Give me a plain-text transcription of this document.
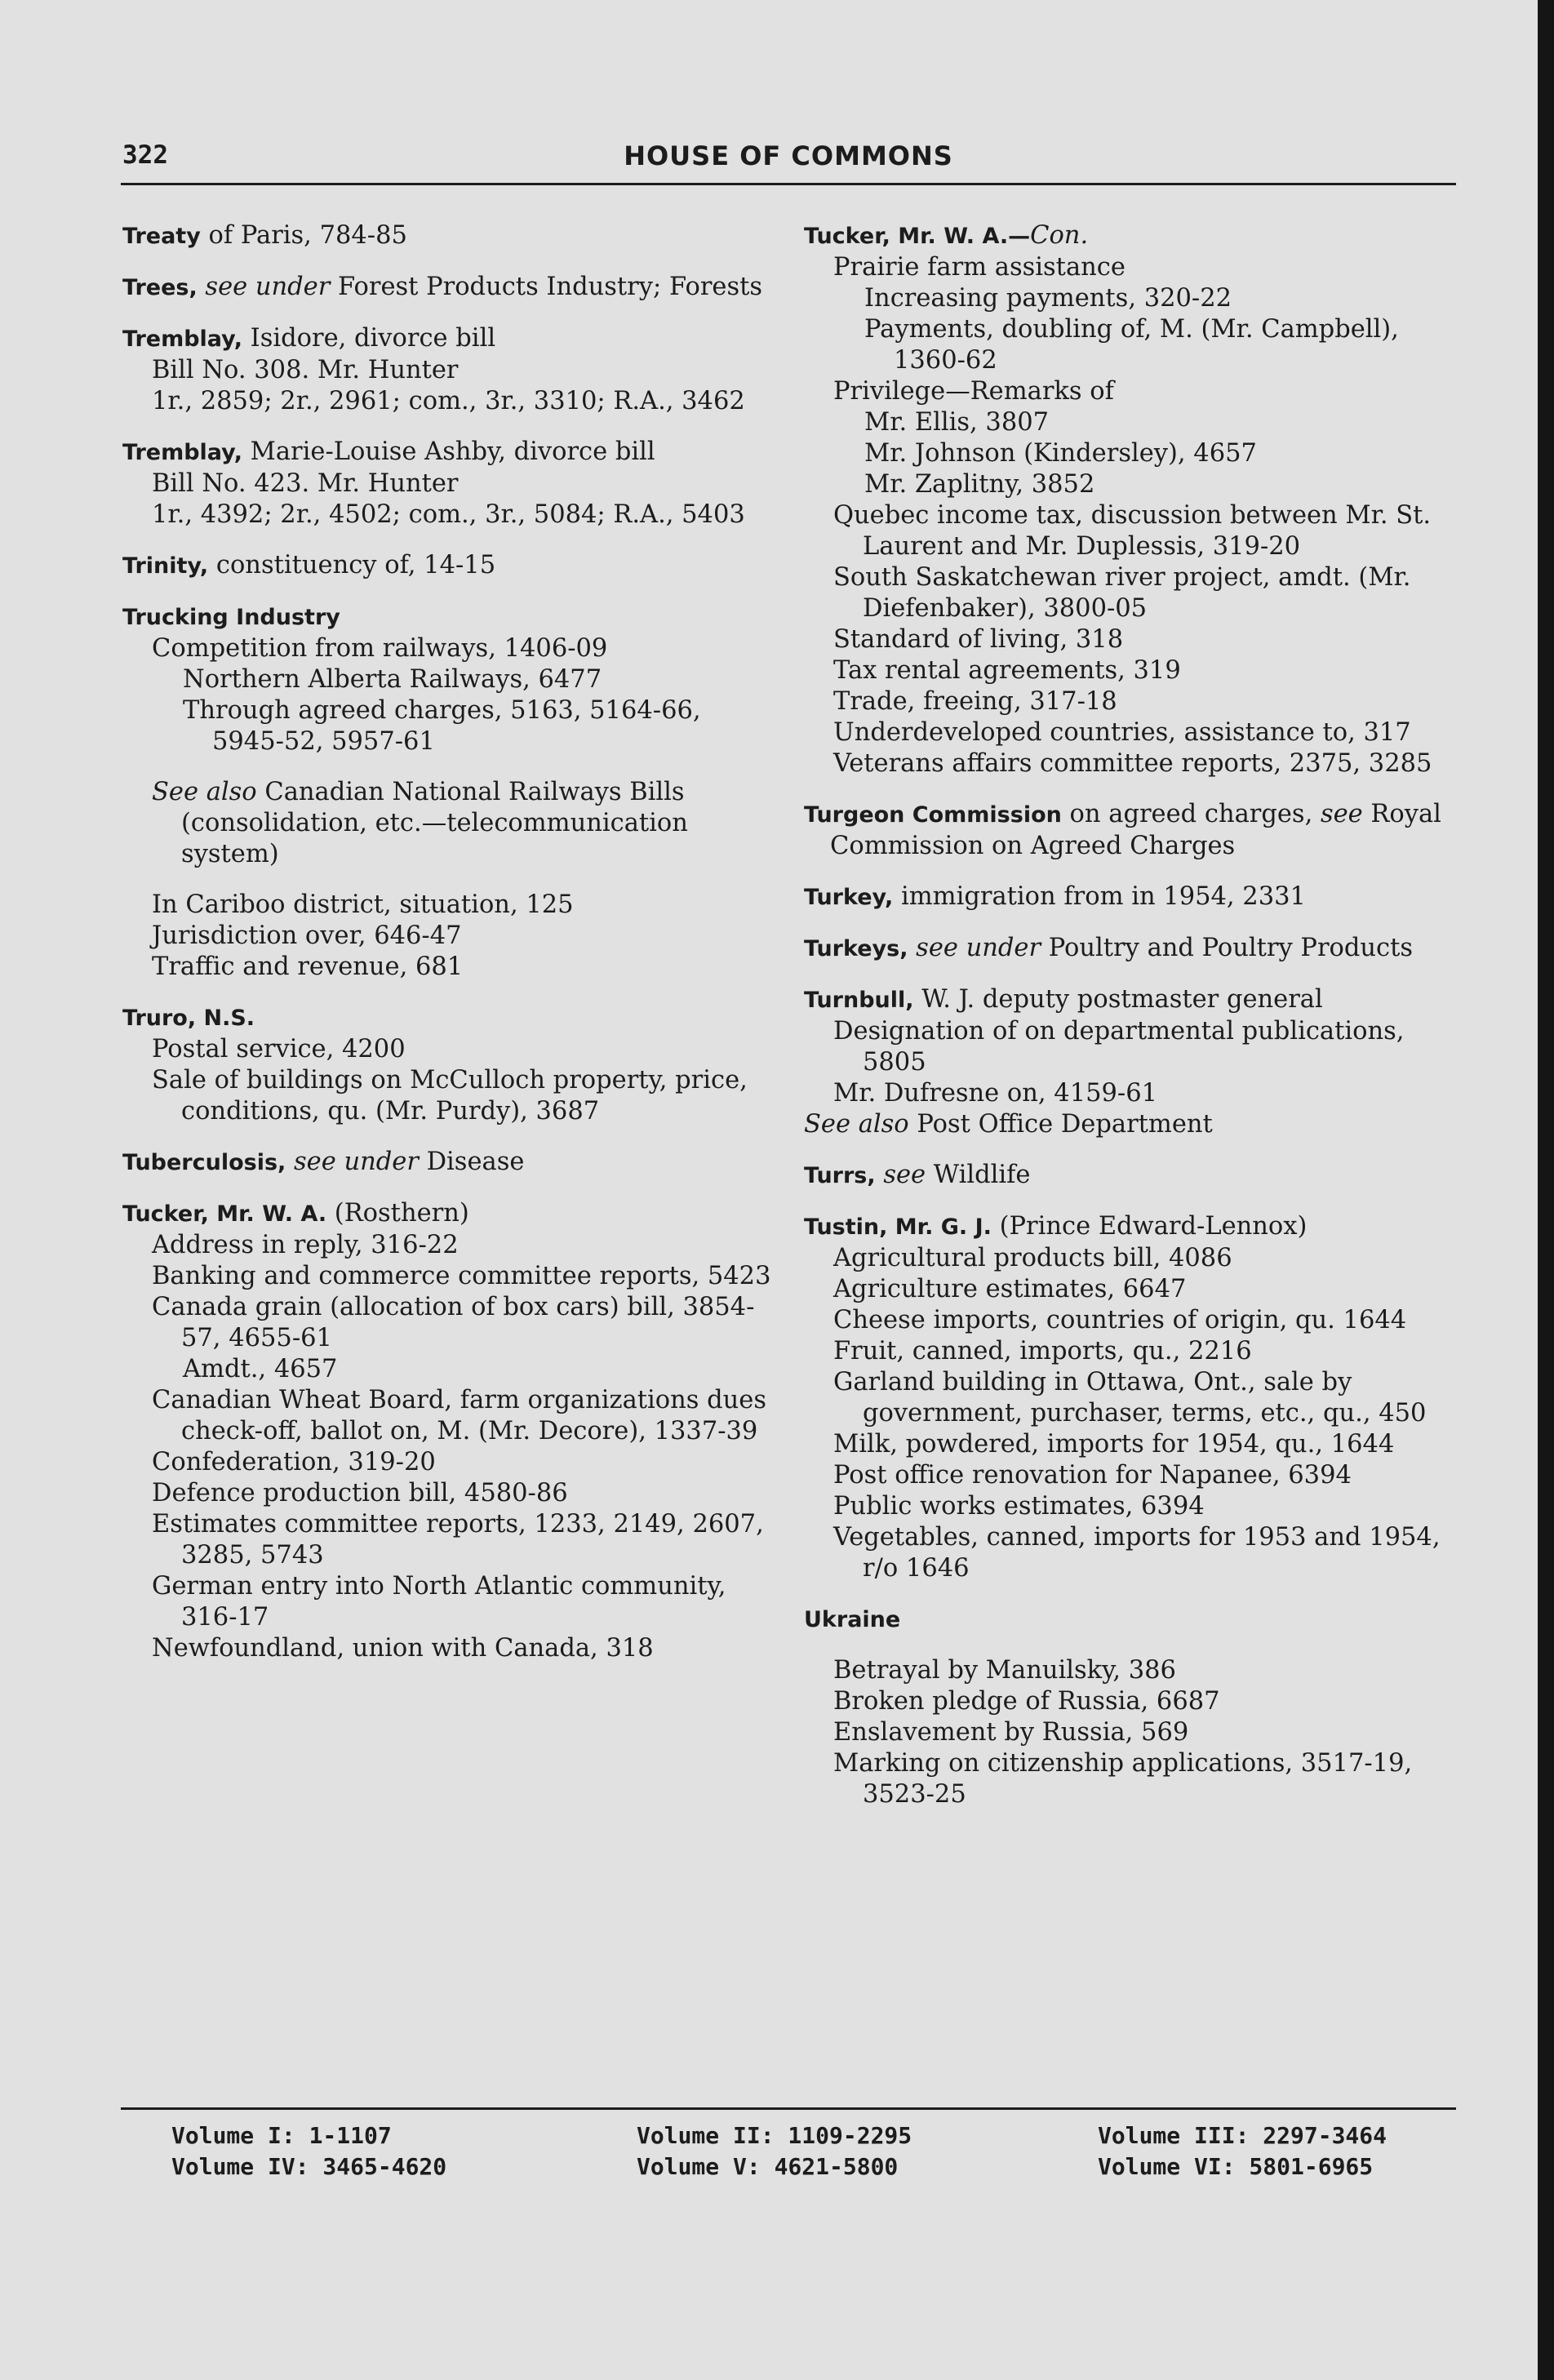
HOUSE OF COMMONS
322
Treaty of Paris, 784-85
Trees, see under Forest Products Industry; Forests
Tremblay, Isidore, divorce bill
Bill No. 308. Mr. Hunter
1r., 2859; 2r., 2961; com., 3r., 3310; R.A., 3462
Tremblay, Marie-Louise Ashby, divorce bill
Bill No. 423. Mr. Hunter
1r., 4392; 2r., 4502; com., 3r., 5084; R.A., 5403
Trinity, constituency of, 14-15
Trucking Industry
Competition from railways, 1406-09
Northern Alberta Railways, 6477
Through agreed charges, 5163, 5164-66, 5945-52, 5957-61
See also Canadian National Railways Bills (consolidation, etc.—telecommunication system)
In Cariboo district, situation, 125
Jurisdiction over, 646-47
Traffic and revenue, 681
Truro, N.S.
Postal service, 4200
Sale of buildings on McCulloch property, price, conditions, qu. (Mr. Purdy), 3687
Tuberculosis, see under Disease
Tucker, Mr. W. A. (Rosthern)
Address in reply, 316-22
Banking and commerce committee reports, 5423
Canada grain (allocation of box cars) bill, 3854-57, 4655-61
Amdt., 4657
Canadian Wheat Board, farm organizations dues check-off, ballot on, M. (Mr. Decore), 1337-39
Confederation, 319-20
Defence production bill, 4580-86
Estimates committee reports, 1233, 2149, 2607, 3285, 5743
German entry into North Atlantic community, 316-17
Newfoundland, union with Canada, 318
Tucker, Mr. W. A.—Con.
Prairie farm assistance
Increasing payments, 320-22
Payments, doubling of, M. (Mr. Campbell), 1360-62
Privilege—Remarks of
Mr. Ellis, 3807
Mr. Johnson (Kindersley), 4657
Mr. Zaplitny, 3852
Quebec income tax, discussion between Mr. St. Laurent and Mr. Duplessis, 319-20
South Saskatchewan river project, amdt. (Mr. Diefenbaker), 3800-05
Standard of living, 318
Tax rental agreements, 319
Trade, freeing, 317-18
Underdeveloped countries, assistance to, 317
Veterans affairs committee reports, 2375, 3285
Turgeon Commission on agreed charges, see Royal Commission on Agreed Charges
Turkey, immigration from in 1954, 2331
Turkeys, see under Poultry and Poultry Products
Turnbull, W. J. deputy postmaster general
Designation of on departmental publications, 5805
Mr. Dufresne on, 4159-61
See also Post Office Department
Turrs, see Wildlife
Tustin, Mr. G. J. (Prince Edward-Lennox)
Agricultural products bill, 4086
Agriculture estimates, 6647
Cheese imports, countries of origin, qu. 1644
Fruit, canned, imports, qu., 2216
Garland building in Ottawa, Ont., sale by government, purchaser, terms, etc., qu., 450
Milk, powdered, imports for 1954, qu., 1644
Post office renovation for Napanee, 6394
Public works estimates, 6394
Vegetables, canned, imports for 1953 and 1954, r/o 1646
Ukraine
Betrayal by Manuilsky, 386
Broken pledge of Russia, 6687
Enslavement by Russia, 569
Marking on citizenship applications, 3517-19, 3523-25
Volume I: 1-1107
Volume IV: 3465-4620
Volume II: 1109-2295
Volume V: 4621-5800
Volume III: 2297-3464
Volume VI: 5801-6965
